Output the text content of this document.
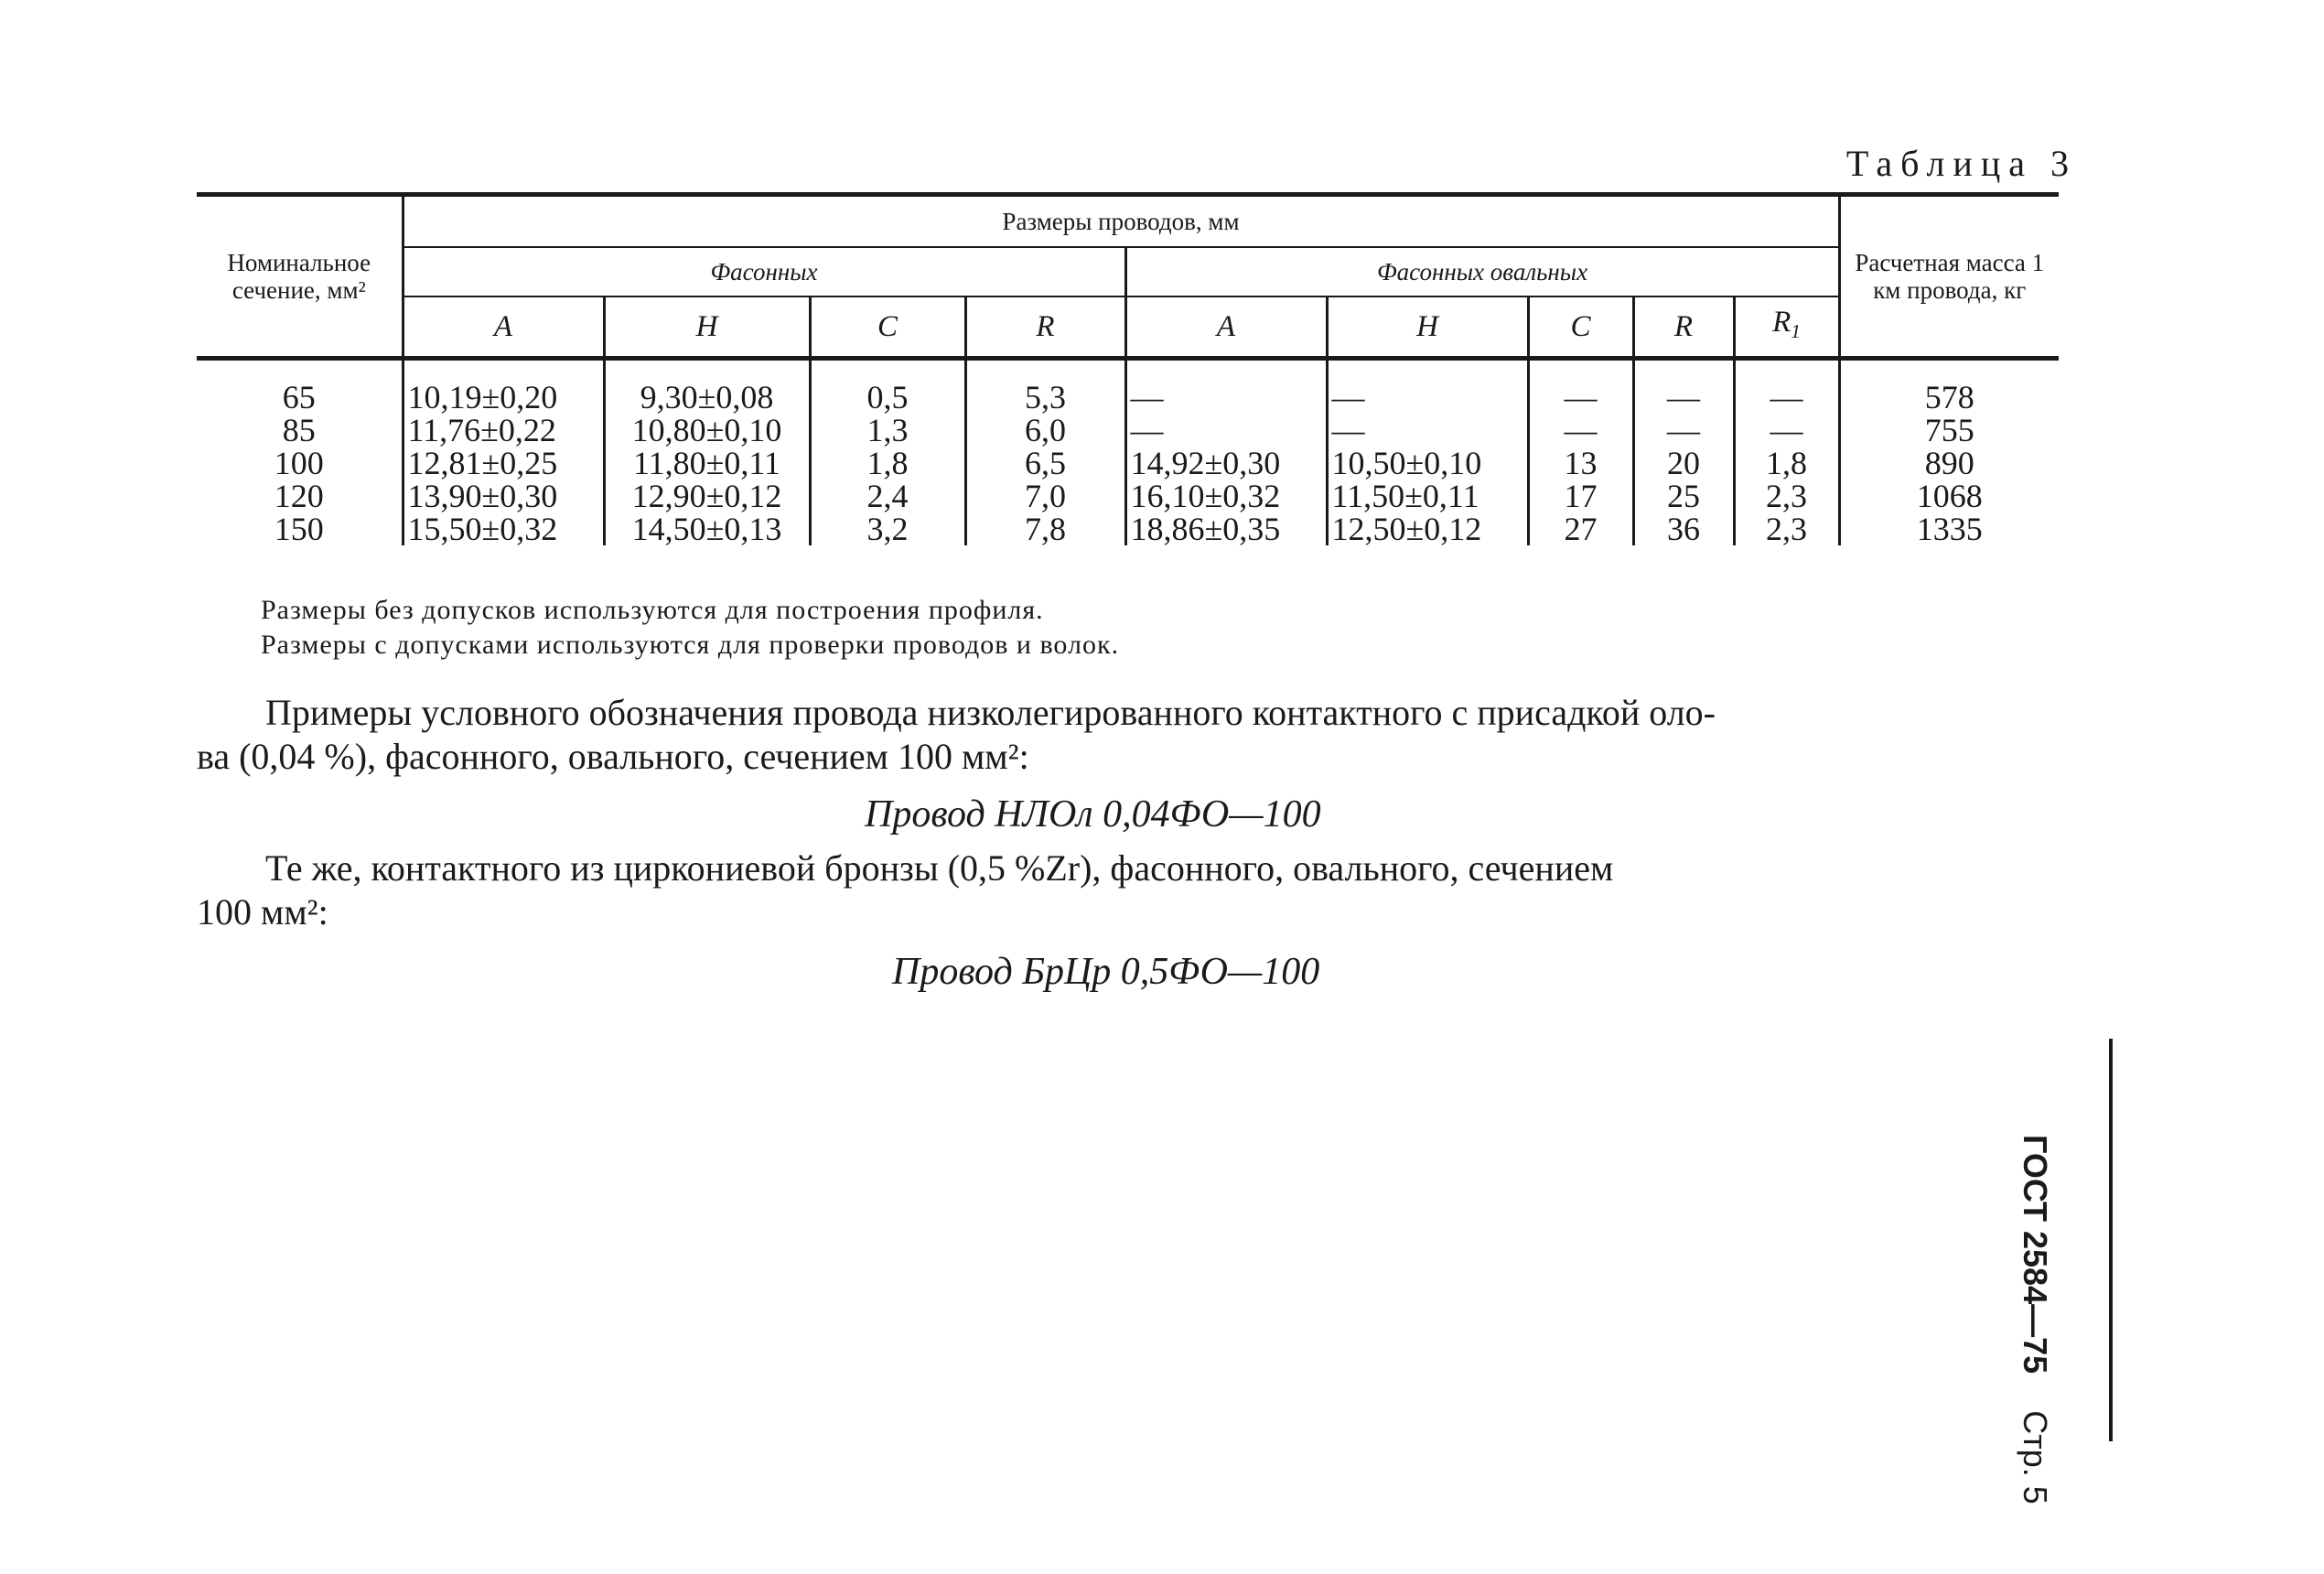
Таблица 3
Номинальное сечение, мм²	Размеры проводов, мм									Расчетная масса 1 км провода, кг
	Фасонных				Фасонных овальных					
	A	H	C	R	A	H	C	R	$R_1$

65	10,19±0,20	9,30±0,08	0,5	5,3	—	—	—	—	—	578
85	11,76±0,22	10,80±0,10	1,3	6,0	—	—	—	—	—	755
100	12,81±0,25	11,80±0,11	1,8	6,5	14,92±0,30	10,50±0,10	13	20	1,8	890
120	13,90±0,30	12,90±0,12	2,4	7,0	16,10±0,32	11,50±0,11	17	25	2,3	1068
150	15,50±0,32	14,50±0,13	3,2	7,8	18,86±0,35	12,50±0,12	27	36	2,3	1335
Размеры без допусков используются для построения профиля.
Размеры с допусками используются для проверки проводов и волок.
Примеры условного обозначения провода низколегированного контактного с присадкой оло-
ва (0,04 %), фасонного, овального, сечением 100 мм²:
Провод НЛОл 0,04ФО—100
Те же, контактного из циркониевой бронзы (0,5 %Zr), фасонного, овального, сечением
100 мм²:
Провод БрЦр 0,5ФО—100
ГОСТ 2584—75    Стр. 5
